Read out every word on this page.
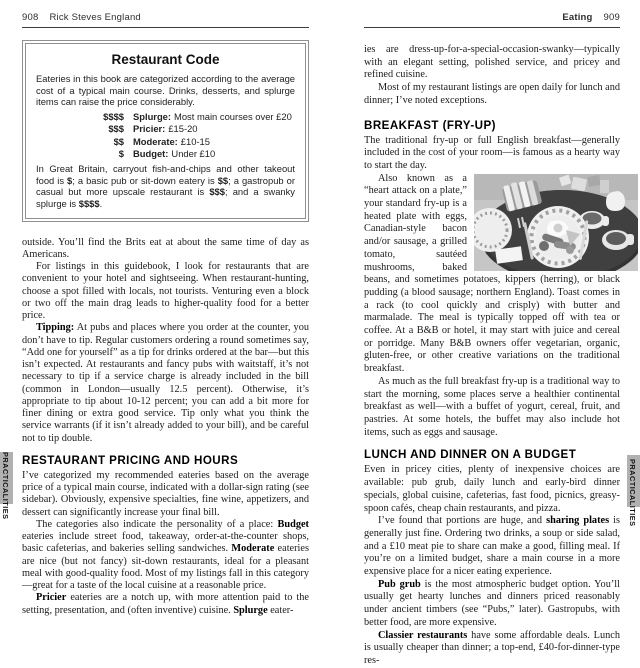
908 Rick Steves England
Restaurant Code

Eateries in this book are categorized according to the average cost of a typical main course. Drinks, desserts, and splurge items can raise the price considerably.

$$$$ Splurge: Most main courses over £20
$$$ Pricier: £15-20
$$ Moderate: £10-15
$ Budget: Under £10

In Great Britain, carryout fish-and-chips and other takeout food is $; a basic pub or sit-down eatery is $$; a gastropub or casual but more upscale restaurant is $$$; and a swanky splurge is $$$$.

outside. You’ll find the Brits eat at about the same time of day as Americans.

For listings in this guidebook, I look for restaurants that are convenient to your hotel and sightseeing. When restaurant-hunting, choose a spot filled with locals, not tourists. Venturing even a block or two off the main drag leads to higher-quality food for a better price.

Tipping: At pubs and places where you order at the counter, you don’t have to tip. Regular customers ordering a round sometimes say, “Add one for yourself” as a tip for drinks ordered at the bar—but this isn’t expected. At restaurants and fancy pubs with waitstaff, it’s not necessary to tip if a service charge is already included in the bill (common in London—usually 12.5 percent). Otherwise, it’s appropriate to tip about 10-12 percent; you can add a bit more for finer dining or extra good service. Tip only what you think the service warrants (if it isn’t already added to your bill), and be careful not to tip double.

RESTAURANT PRICING AND HOURS

I’ve categorized my recommended eateries based on the average price of a typical main course, indicated with a dollar-sign rating (see sidebar). Obviously, expensive specialties, fine wine, appetizers, and dessert can significantly increase your final bill.

The categories also indicate the personality of a place: Budget eateries include street food, takeaway, order-at-the-counter shops, basic cafeterias, and bakeries selling sandwiches. Moderate eateries are nice (but not fancy) sit-down restaurants, ideal for a pleasant meal with good-quality food. Most of my listings fall in this category—great for a taste of the local cuisine at a reasonable price.

Pricier eateries are a notch up, with more attention paid to the setting, presentation, and (often inventive) cuisine. Splurge eater-

Eating 909

ies are dress-up-for-a-special-occasion-swanky—typically with an elegant setting, polished service, and pricey and refined cuisine.

Most of my restaurant listings are open daily for lunch and dinner; I’ve noted exceptions.

BREAKFAST (FRY-UP)

The traditional fry-up or full English breakfast—generally included in the cost of your room—is famous as a hearty way to start the day.

Also known as a “heart attack on a plate,” your standard fry-up is a heated plate with eggs, Canadian-style bacon and/or sausage, a grilled tomato, sautéed mushrooms, baked beans, and sometimes potatoes, kippers (herring), or black pudding (a blood sausage; northern England). Toast comes in a rack (to cool quickly and crisply) with butter and marmalade. The meal is typically topped off with tea or coffee. At a B&B or hotel, it may start with juice and cereal or porridge. Many B&B owners offer vegetarian, organic, gluten-free, or other creative variations on the traditional breakfast.

As much as the full breakfast fry-up is a traditional way to start the morning, some places serve a healthier continental breakfast as well—with a buffet of yogurt, cereal, fruit, and pastries. At some hotels, the buffet may also include hot items, such as eggs and sausage.

LUNCH AND DINNER ON A BUDGET

Even in pricey cities, plenty of inexpensive choices are available: pub grub, daily lunch and early-bird dinner specials, global cuisine, cafeterias, fast food, picnics, greasy-spoon cafés, cheap chain restaurants, and pizza.

I’ve found that portions are huge, and sharing plates is generally just fine. Ordering two drinks, a soup or side salad, and a £10 meat pie to share can make a good, filling meal. If you’re on a limited budget, share a main course in a more expensive place for a nicer eating experience.

Pub grub is the most atmospheric budget option. You’ll usually get hearty lunches and dinners priced reasonably under ancient timbers (see “Pubs,” later). Gastropubs, with better food, are more expensive.

Classier restaurants have some affordable deals. Lunch is usually cheaper than dinner; a top-end, £40-for-dinner-type res-

PRACTICALITIES	PRACTICALITIES
